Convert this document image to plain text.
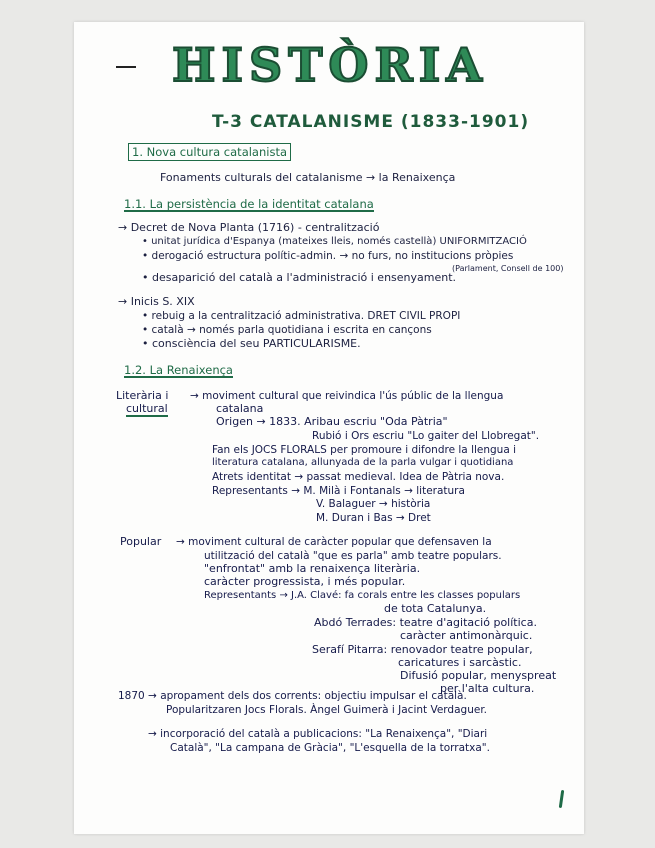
HISTÒRIA
T-3 CATALANISME (1833-1901)
1. Nova cultura catalanista
Fonaments culturals del catalanisme → la Renaixença
1.1. La persistència de la identitat catalana
→ Decret de Nova Planta (1716) - centralització
• unitat jurídica d'Espanya (mateixes lleis, només castellà) UNIFORMITZACIÓ
• derogació estructura polític-admin. → no furs, no institucions pròpies
(Parlament, Consell de 100)
• desaparició del català a l'administració i ensenyament.
→ Inicis S. XIX
• rebuig a la centralització administrativa. DRET CIVIL PROPI
• català → només parla quotidiana i escrita en cançons
• consciència del seu PARTICULARISME.
1.2. La Renaixença
Literària i
cultural
→ moviment cultural que reivindica l'ús públic de la llengua
catalana
Origen → 1833. Aribau escriu "Oda Pàtria"
Rubió i Ors escriu "Lo gaiter del Llobregat".
Fan els JOCS FLORALS per promoure i difondre la llengua i
literatura catalana, allunyada de la parla vulgar i quotidiana
Atrets identitat → passat medieval. Idea de Pàtria nova.
Representants → M. Milà i Fontanals → literatura
V. Balaguer → història
M. Duran i Bas → Dret
Popular → moviment cultural de caràcter popular que defensaven la
utilització del català "que es parla" amb teatre populars.
"enfrontat" amb la renaixença literària.
caràcter progressista, i més popular.
Representants → J.A. Clavé: fa corals entre les classes populars
de tota Catalunya.
Abdó Terrades: teatre d'agitació política.
caràcter antimonàrquic.
Serafí Pitarra: renovador teatre popular,
caricatures i sarcàstic.
Difusió popular, menyspreat
per l'alta cultura.
1870 → apropament dels dos corrents: objectiu impulsar el català.
Popularitzaren Jocs Florals. Àngel Guimerà i Jacint Verdaguer.
→ incorporació del català a publicacions: "La Renaixença", "Diari
Català", "La campana de Gràcia", "L'esquella de la torratxa".
